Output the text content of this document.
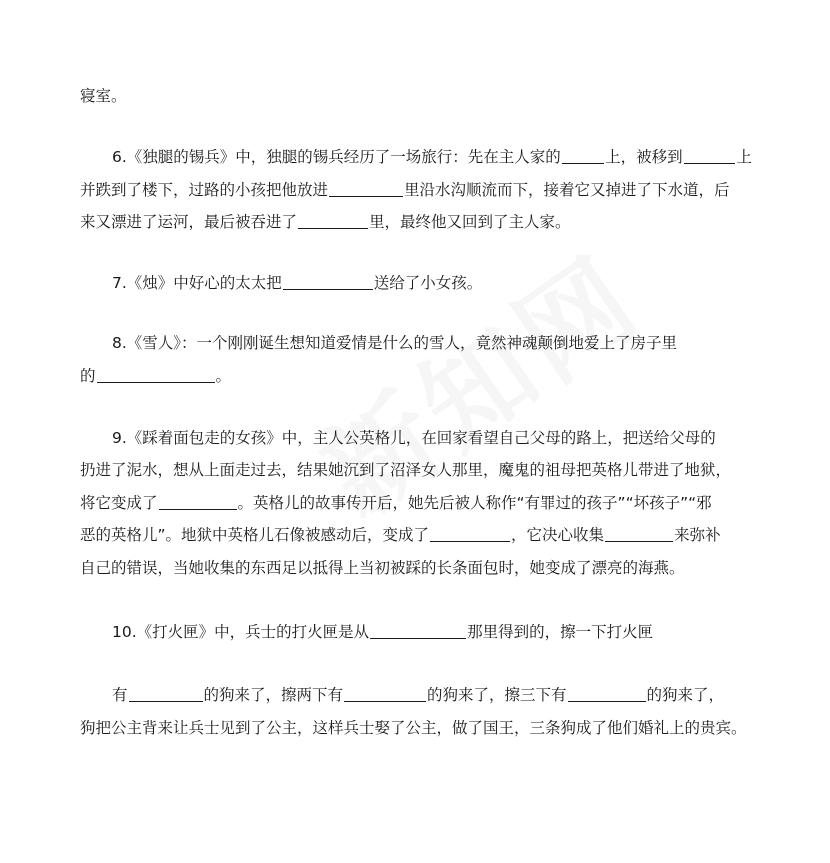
寝室。
6.《独腿的锡兵》中，独腿的锡兵经历了一场旅行：先在主人家的	上，被移到	上
并跌到了楼下，过路的小孩把他放进	里沿水沟顺流而下，接着它又掉进了下水道，后
来又漂进了运河，最后被吞进了	里，最终他又回到了主人家。
7.《烛》中好心的太太把	送给了小女孩。
8.《雪人》：一个刚刚诞生想知道爱情是什么的雪人，竟然神魂颠倒地爱上了房子里
的	。
9.《踩着面包走的女孩》中，主人公英格儿，在回家看望自己父母的路上，把送给父母的
扔进了泥水，想从上面走过去，结果她沉到了沼泽女人那里，魔鬼的祖母把英格儿带进了地狱，
将它变成了	。英格儿的故事传开后，她先后被人称作“有罪过的孩子”“坏孩子”“邪
恶的英格儿”。地狱中英格儿石像被感动后，变成了	，它决心收集	来弥补
自己的错误，当她收集的东西足以抵得上当初被踩的长条面包时，她变成了漂亮的海燕。
10.《打火匣》中，兵士的打火匣是从	那里得到的，擦一下打火匣
有	的狗来了，擦两下有	的狗来了，擦三下有	的狗来了，
狗把公主背来让兵士见到了公主，这样兵士娶了公主，做了国王，三条狗成了他们婚礼上的贵宾。
